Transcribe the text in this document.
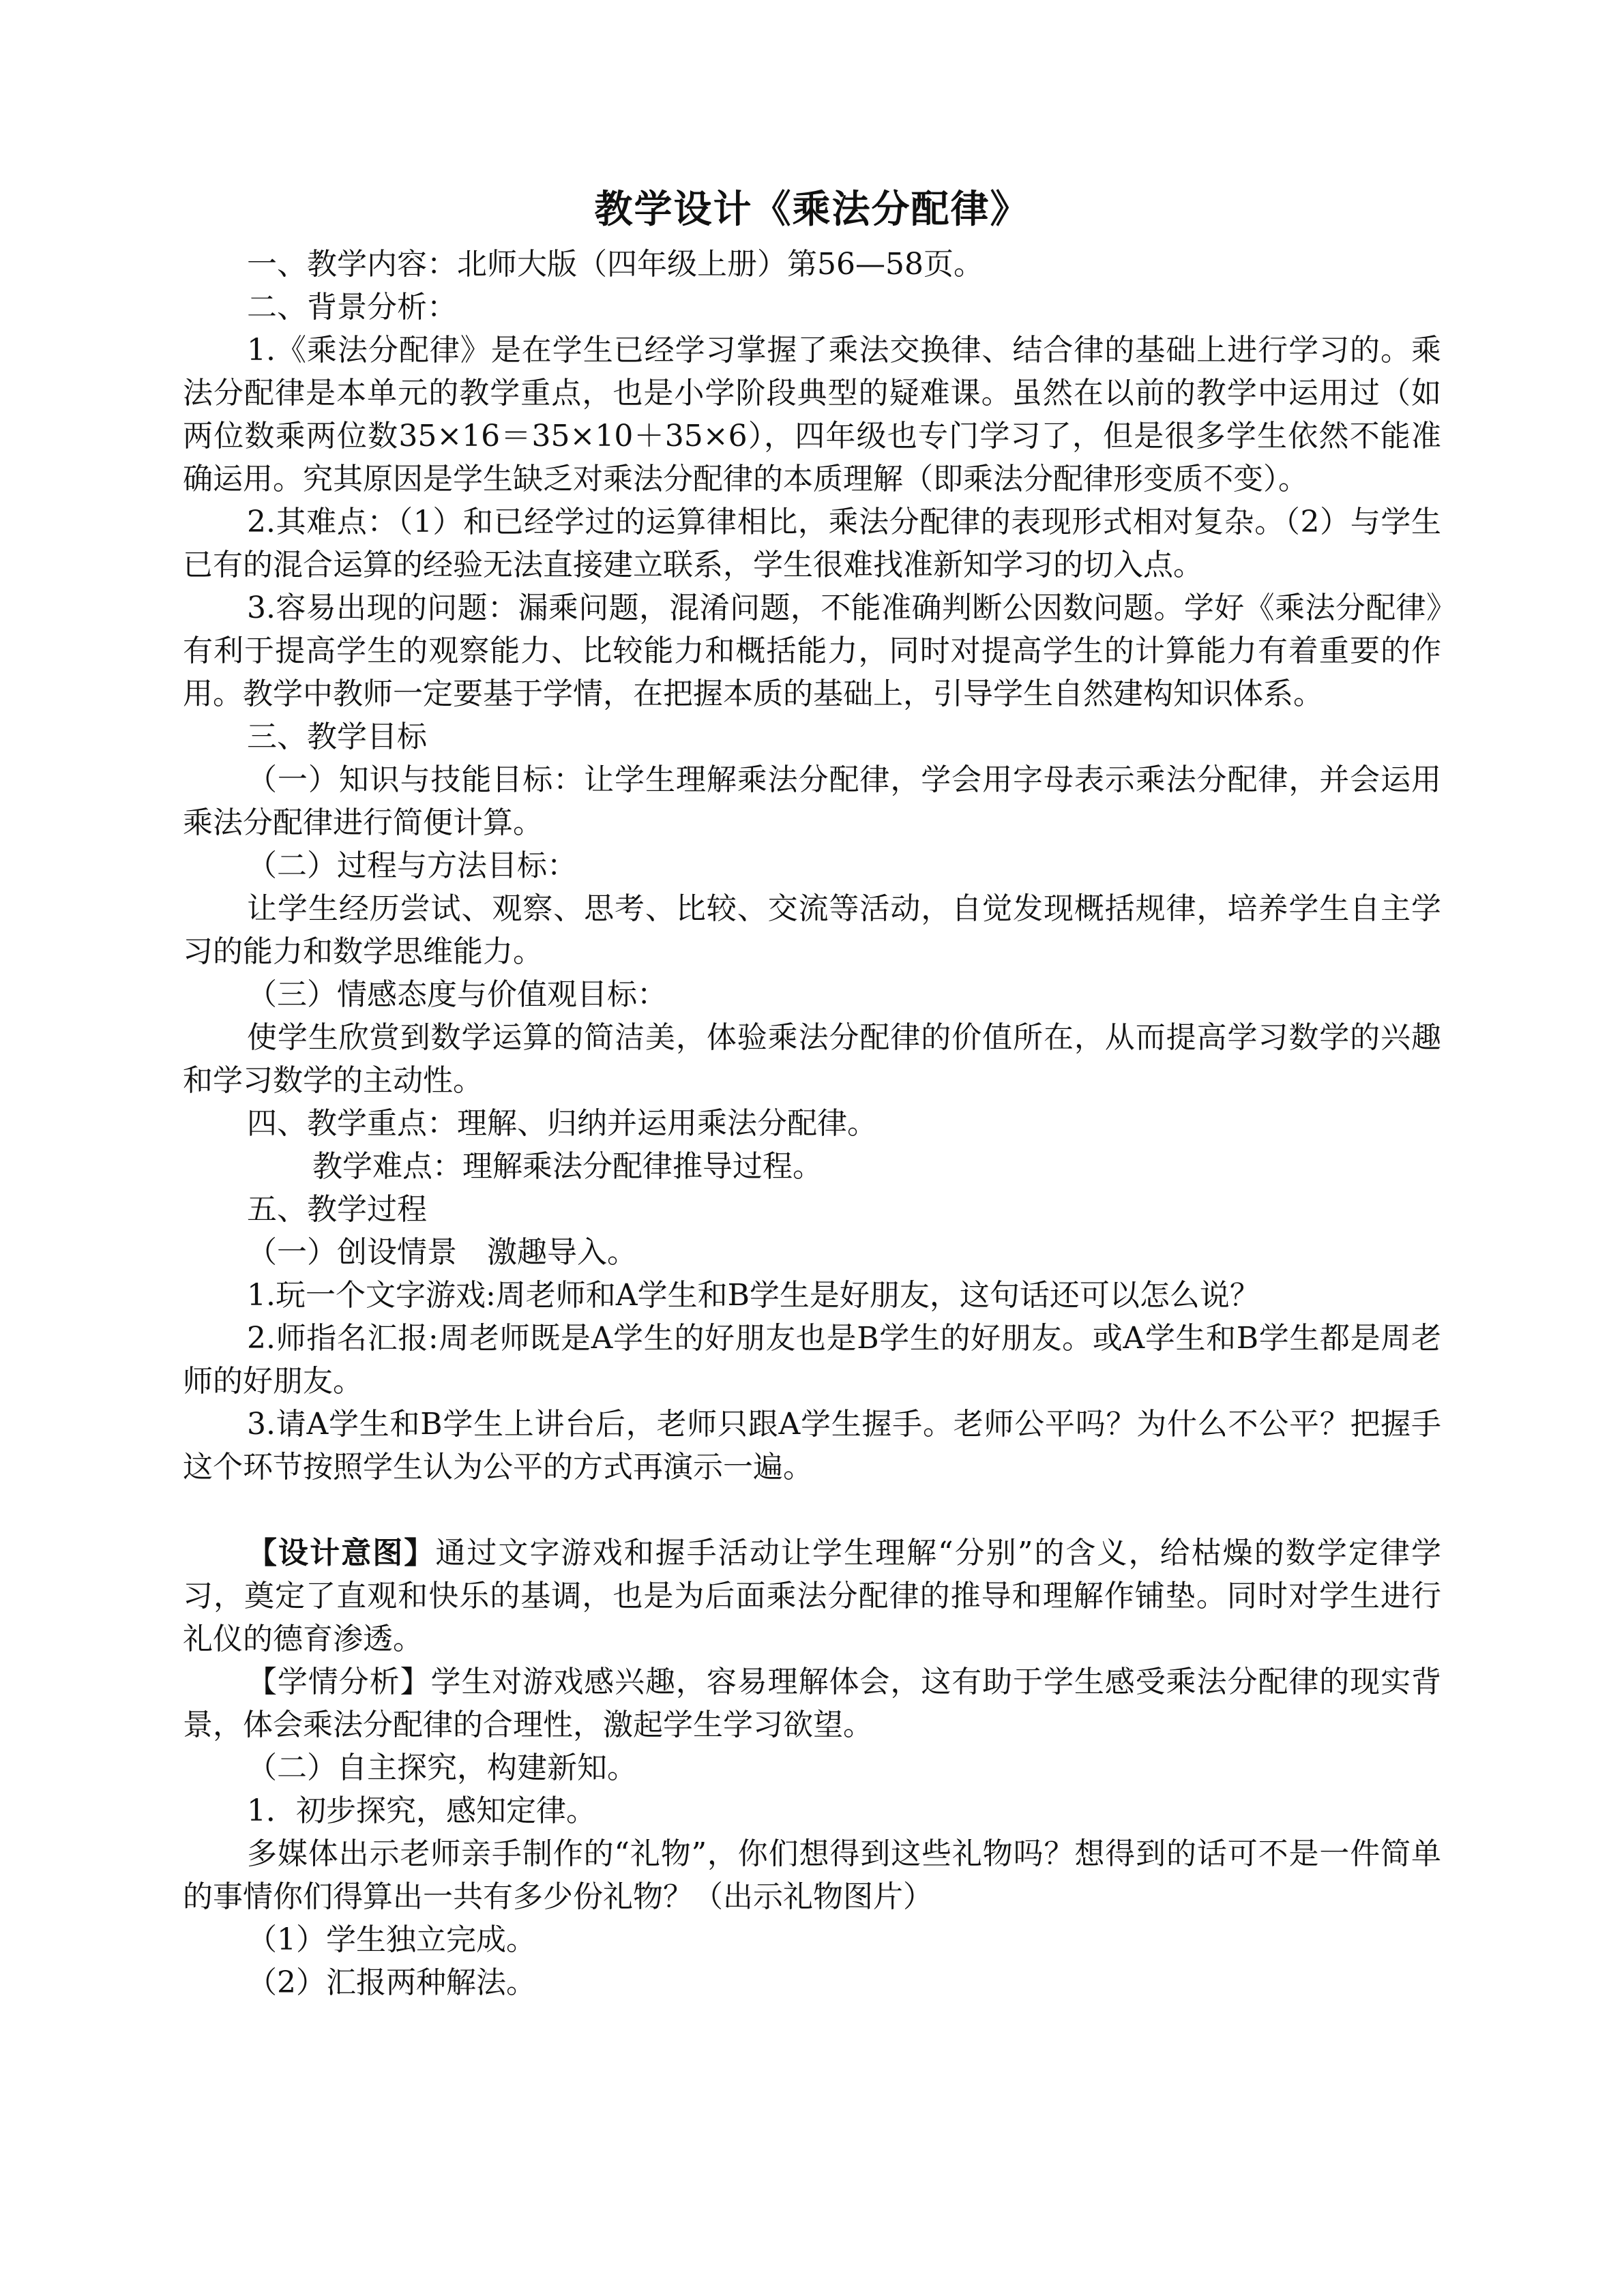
教学设计《乘法分配律》

一、教学内容：北师大版（四年级上册）第56—58页。

二、背景分析：

1.《乘法分配律》是在学生已经学习掌握了乘法交换律、结合律的基础上进行学习的。乘法分配律是本单元的教学重点，也是小学阶段典型的疑难课。虽然在以前的教学中运用过（如两位数乘两位数35×16＝35×10＋35×6），四年级也专门学习了，但是很多学生依然不能准确运用。究其原因是学生缺乏对乘法分配律的本质理解（即乘法分配律形变质不变）。

2.其难点：（1）和已经学过的运算律相比，乘法分配律的表现形式相对复杂。（2）与学生已有的混合运算的经验无法直接建立联系，学生很难找准新知学习的切入点。

3.容易出现的问题：漏乘问题，混淆问题，不能准确判断公因数问题。学好《乘法分配律》有利于提高学生的观察能力、比较能力和概括能力，同时对提高学生的计算能力有着重要的作用。教学中教师一定要基于学情，在把握本质的基础上，引导学生自然建构知识体系。

三、教学目标

（一）知识与技能目标：让学生理解乘法分配律，学会用字母表示乘法分配律，并会运用乘法分配律进行简便计算。

（二）过程与方法目标：

让学生经历尝试、观察、思考、比较、交流等活动，自觉发现概括规律，培养学生自主学习的能力和数学思维能力。

（三）情感态度与价值观目标：

使学生欣赏到数学运算的简洁美，体验乘法分配律的价值所在，从而提高学习数学的兴趣和学习数学的主动性。

四、教学重点：理解、归纳并运用乘法分配律。

教学难点：理解乘法分配律推导过程。

五、教学过程

（一）创设情景　激趣导入。

1.玩一个文字游戏:周老师和A学生和B学生是好朋友，这句话还可以怎么说？

2.师指名汇报:周老师既是A学生的好朋友也是B学生的好朋友。或A学生和B学生都是周老师的好朋友。

3.请A学生和B学生上讲台后，老师只跟A学生握手。老师公平吗？为什么不公平？把握手这个环节按照学生认为公平的方式再演示一遍。

【设计意图】通过文字游戏和握手活动让学生理解“分别”的含义，给枯燥的数学定律学习，奠定了直观和快乐的基调，也是为后面乘法分配律的推导和理解作铺垫。同时对学生进行礼仪的德育渗透。

【学情分析】学生对游戏感兴趣，容易理解体会，这有助于学生感受乘法分配律的现实背景，体会乘法分配律的合理性，激起学生学习欲望。

（二）自主探究，构建新知。

1．初步探究，感知定律。

多媒体出示老师亲手制作的“礼物”，你们想得到这些礼物吗？想得到的话可不是一件简单的事情你们得算出一共有多少份礼物？（出示礼物图片）

（1）学生独立完成。

（2）汇报两种解法。
